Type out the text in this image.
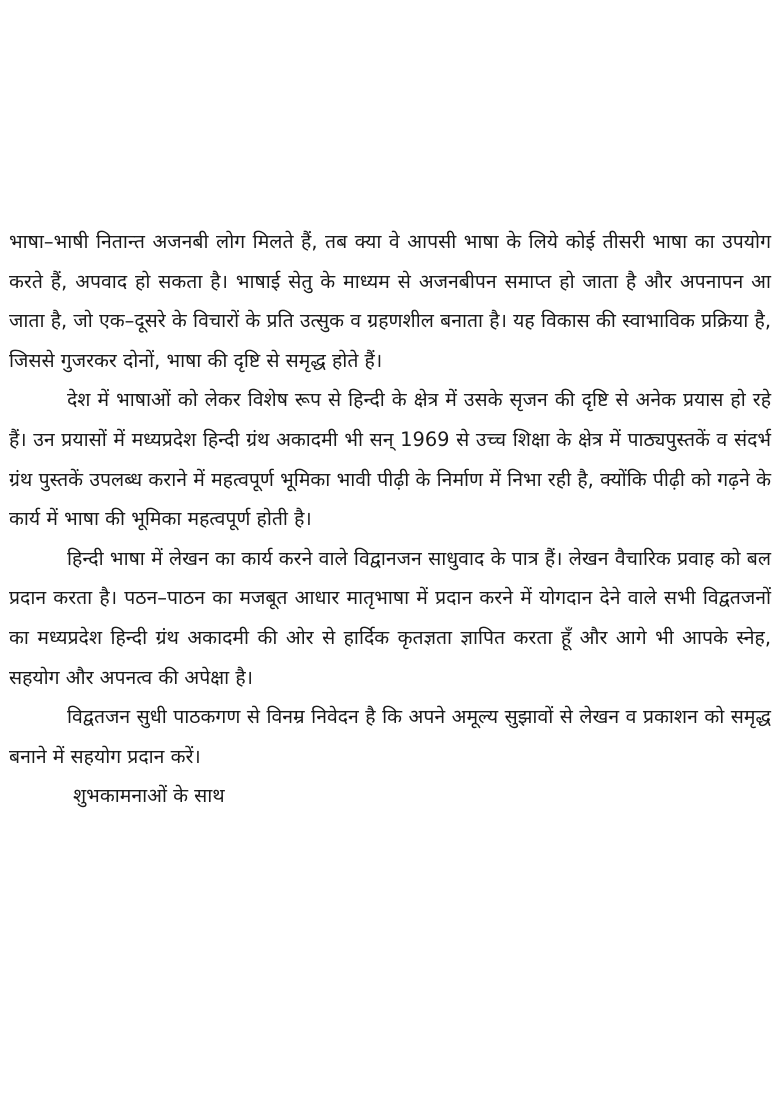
भाषा–भाषी नितान्त अजनबी लोग मिलते हैं, तब क्या वे आपसी भाषा के लिये कोई तीसरी भाषा का उपयोग करते हैं, अपवाद हो सकता है। भाषाई सेतु के माध्यम से अजनबीपन समाप्त हो जाता है और अपनापन आ जाता है, जो एक–दूसरे के विचारों के प्रति उत्सुक व ग्रहणशील बनाता है। यह विकास की स्वाभाविक प्रक्रिया है, जिससे गुजरकर दोनों, भाषा की दृष्टि से समृद्ध होते हैं।

देश में भाषाओं को लेकर विशेष रूप से हिन्दी के क्षेत्र में उसके सृजन की दृष्टि से अनेक प्रयास हो रहे हैं। उन प्रयासों में मध्यप्रदेश हिन्दी ग्रंथ अकादमी भी सन् 1969 से उच्च शिक्षा के क्षेत्र में पाठ्यपुस्तकें व संदर्भ ग्रंथ पुस्तकें उपलब्ध कराने में महत्वपूर्ण भूमिका भावी पीढ़ी के निर्माण में निभा रही है, क्योंकि पीढ़ी को गढ़ने के कार्य में भाषा की भूमिका महत्वपूर्ण होती है।

हिन्दी भाषा में लेखन का कार्य करने वाले विद्वानजन साधुवाद के पात्र हैं। लेखन वैचारिक प्रवाह को बल प्रदान करता है। पठन–पाठन का मजबूत आधार मातृभाषा में प्रदान करने में योगदान देने वाले सभी विद्वतजनों का मध्यप्रदेश हिन्दी ग्रंथ अकादमी की ओर से हार्दिक कृतज्ञता ज्ञापित करता हूँ और आगे भी आपके स्नेह, सहयोग और अपनत्व की अपेक्षा है।

विद्वतजन सुधी पाठकगण से विनम्र निवेदन है कि अपने अमूल्य सुझावों से लेखन व प्रकाशन को समृद्ध बनाने में सहयोग प्रदान करें।

शुभकामनाओं के साथ
